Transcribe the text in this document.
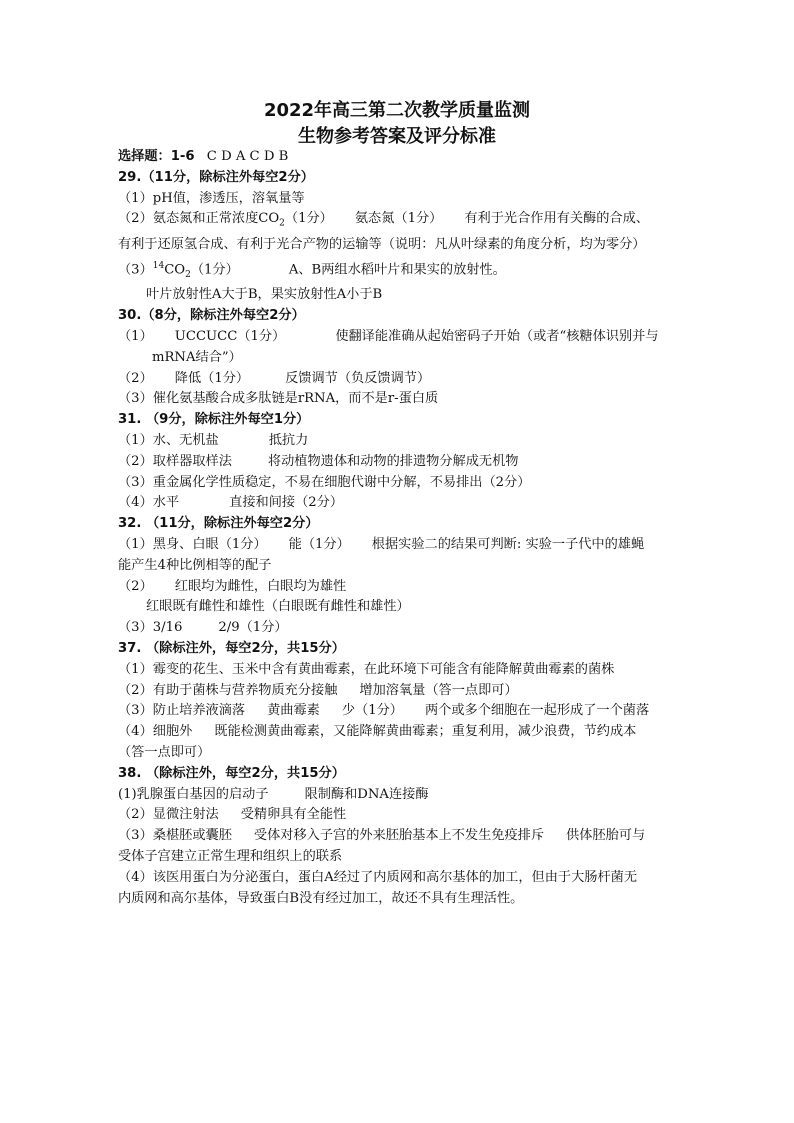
2022年高三第二次教学质量监测

生物参考答案及评分标准

选择题：1-6 C D A C D B

29.（11分，除标注外每空2分）

（1）pH值，渗透压，溶氧量等

（2）氨态氮和正常浓度$CO_2(1$分） 氨态氮（1分） 有利于光合作用有关酶的合成、

有利于还原氢合成、有利于光合产物的运输等（说明：凡从叶绿素的角度分析，均为零分）

$(3)^{14}CO_2(1$分）	A、B两组水稻叶片和果实的放射性。

叶片放射性A大于B，果实放射性A小于B

30.（8分，除标注外每空2分）

（1） UCCUCC（1分）	使翻译能准确从起始密码子开始（或者“核糖体识别并与

mRNA结合”）

（2） 降低（1分）	反馈调节（负反馈调节）

（3）催化氨基酸合成多肽链是rRNA，而不是r-蛋白质

31. （9分，除标注外每空1分）

（1）水、无机盐	抵抗力

（2）取样器取样法	将动植物遗体和动物的排遗物分解成无机物

（3）重金属化学性质稳定，不易在细胞代谢中分解，不易排出（2分）

（4）水平	直接和间接（2分）

32. （11分，除标注外每空2分）

（1）黑身、白眼（1分） 能（1分） 根据实验二的结果可判断: 实验一子代中的雄蝇

能产生4种比例相等的配子

（2） 红眼均为雌性，白眼均为雄性

红眼既有雌性和雄性（白眼既有雌性和雄性）

（3）3/16	2/9（1分）

37. （除标注外，每空2分，共15分）

（1）霉变的花生、玉米中含有黄曲霉素，在此环境下可能含有能降解黄曲霉素的菌株

（2）有助于菌株与营养物质充分接触 增加溶氧量（答一点即可）

（3）防止培养液滴落 黄曲霉素 少（1分） 两个或多个细胞在一起形成了一个菌落

（4）细胞外 既能检测黄曲霉素，又能降解黄曲霉素；重复利用，减少浪费，节约成本

（答一点即可）

38. （除标注外，每空2分，共15分）

(1)乳腺蛋白基因的启动子	限制酶和DNA连接酶

（2）显微注射法 受精卵具有全能性

（3）桑椹胚或囊胚 受体对移入子宫的外来胚胎基本上不发生免疫排斥 供体胚胎可与

受体子宫建立正常生理和组织上的联系

（4）该医用蛋白为分泌蛋白，蛋白A经过了内质网和高尔基体的加工，但由于大肠杆菌无

内质网和高尔基体，导致蛋白B没有经过加工，故还不具有生理活性。
